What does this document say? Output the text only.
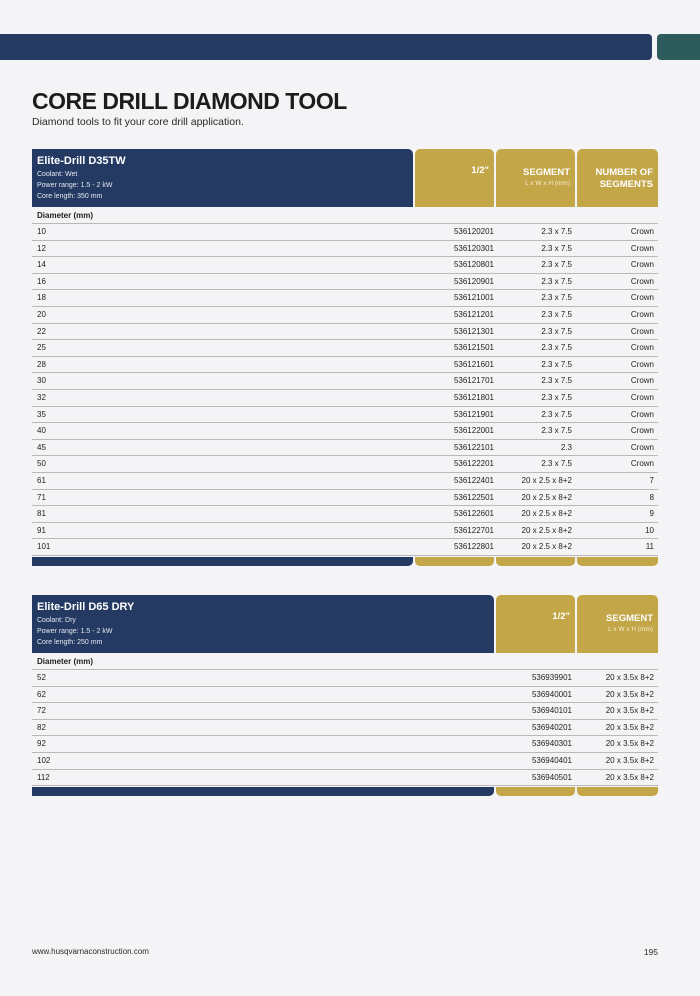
CORE DRILL DIAMOND TOOL
Diamond tools to fit your core drill application.
Elite-Drill D35TW
Coolant: Wet
Power range: 1.5 - 2 kW
Core length: 350 mm
1/2"	SEGMENT
L x W x H (mm)
NUMBER OF
SEGMENTS
Diameter (mm)
10	536120201	2.3 x 7.5	Crown
12	536120301	2.3 x 7.5	Crown
14	536120801	2.3 x 7.5	Crown
16	536120901	2.3 x 7.5	Crown
18	536121001	2.3 x 7.5	Crown
20	536121201	2.3 x 7.5	Crown
22	536121301	2.3 x 7.5	Crown
25	536121501	2.3 x 7.5	Crown
28	536121601	2.3 x 7.5	Crown
30	536121701	2.3 x 7.5	Crown
32	536121801	2.3 x 7.5	Crown
35	536121901	2.3 x 7.5	Crown
40	536122001	2.3 x 7.5	Crown
45	536122101	2.3	Crown
50	536122201	2.3 x 7.5	Crown
61	536122401	20 x 2.5 x 8+2	7
71	536122501	20 x 2.5 x 8+2	8
81	536122601	20 x 2.5 x 8+2	9
91	536122701	20 x 2.5 x 8+2	10
101	536122801	20 x 2.5 x 8+2	11
Elite-Drill D65 DRY
Coolant: Dry
Power range: 1.5 - 2 kW
Core length: 250 mm
1/2"	SEGMENT
L x W x H (mm)
Diameter (mm)
52	536939901	20 x 3.5x 8+2
62	536940001	20 x 3.5x 8+2
72	536940101	20 x 3.5x 8+2
82	536940201	20 x 3.5x 8+2
92	536940301	20 x 3.5x 8+2
102	536940401	20 x 3.5x 8+2
112	536940501	20 x 3.5x 8+2
www.husqvarnaconstruction.com	195
